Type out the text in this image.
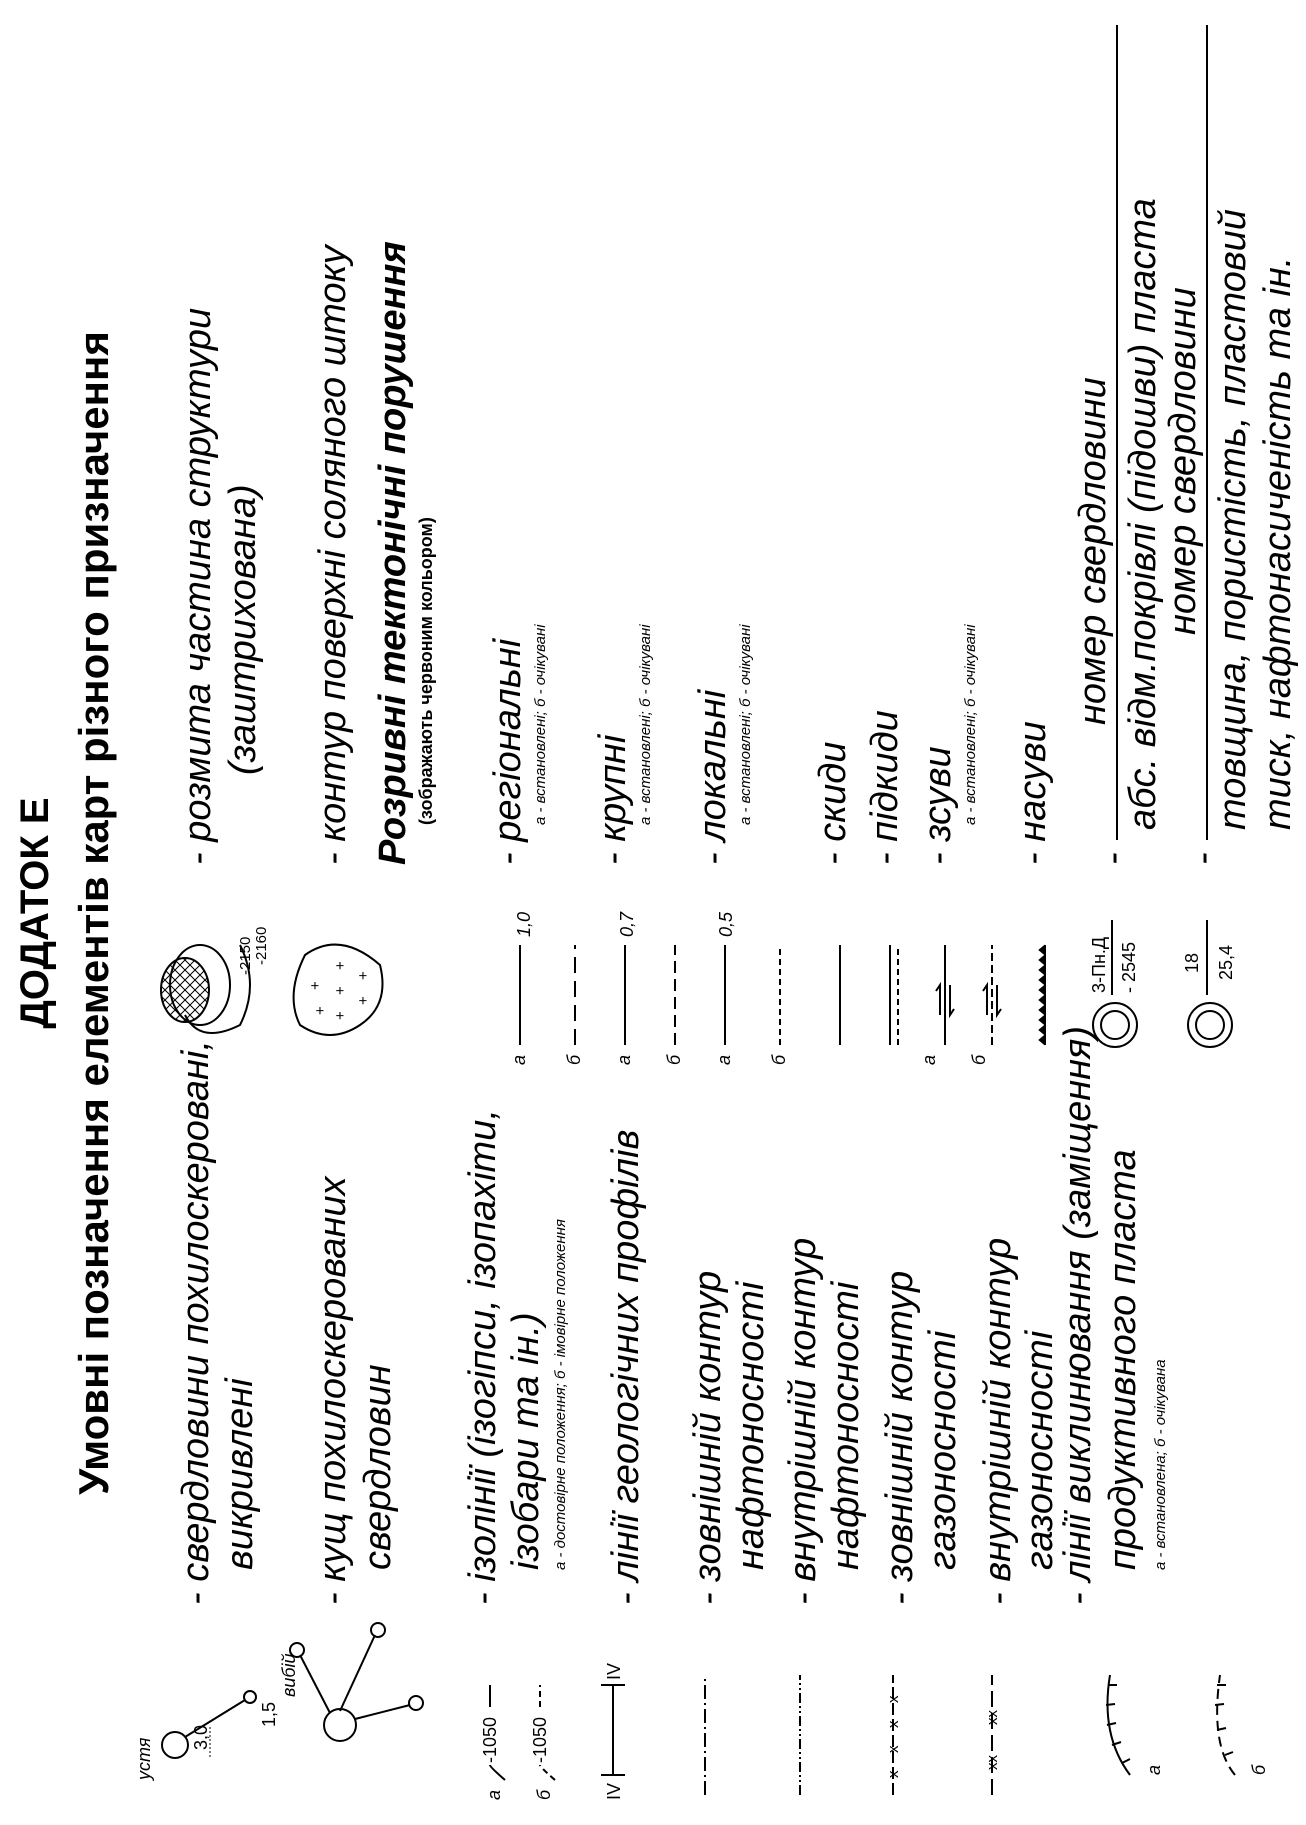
ДОДАТОК Е Умовні позначення елементів карт різного призначення - свердловини похилоскеровані, викривлені - кущ похилоскерованих свердловин - ізолінії (ізогіпси, ізопахіти, ізобари та ін.) а - достовірне положення; б - імовірне положення - лінії геологічних профілів - зовнішній контур нафтоносності - внутрішній контур нафтоносності - зовнішній контур газоносності - внутрішній контур газоносності
- лінії виклинювання (заміщення) продуктивного пласта а - встановлена; б - очікувана
устя
3,0
1,5
вибій
а б
-1050 -1050
IV
IV
x
x
x
x
xx
xx
а	б
-2150 -2160
+
+
+
+
+
+
+
а
1,0
б а
0,7
б а
0,5
б	а б
3-Пн.Д - 2545 18 25,4
- розмита частина структури (заштрихована) - контур поверхні соляного штоку Розривні тектонічні порушення (зображають червоним кольором) - регіональні а - встановлені; б - очікувані - крупні а - встановлені; б - очікувані - локальні а - встановлені; б - очікувані - скиди - підкиди - зсуви а - встановлені; б - очікувані - насуви
номер свердловини
-
абс. відм.покрівлі (підошви) пласта
номер свердловини
-
товщина, пористість, пластовий тиск, нафтонасиченість та ін.
